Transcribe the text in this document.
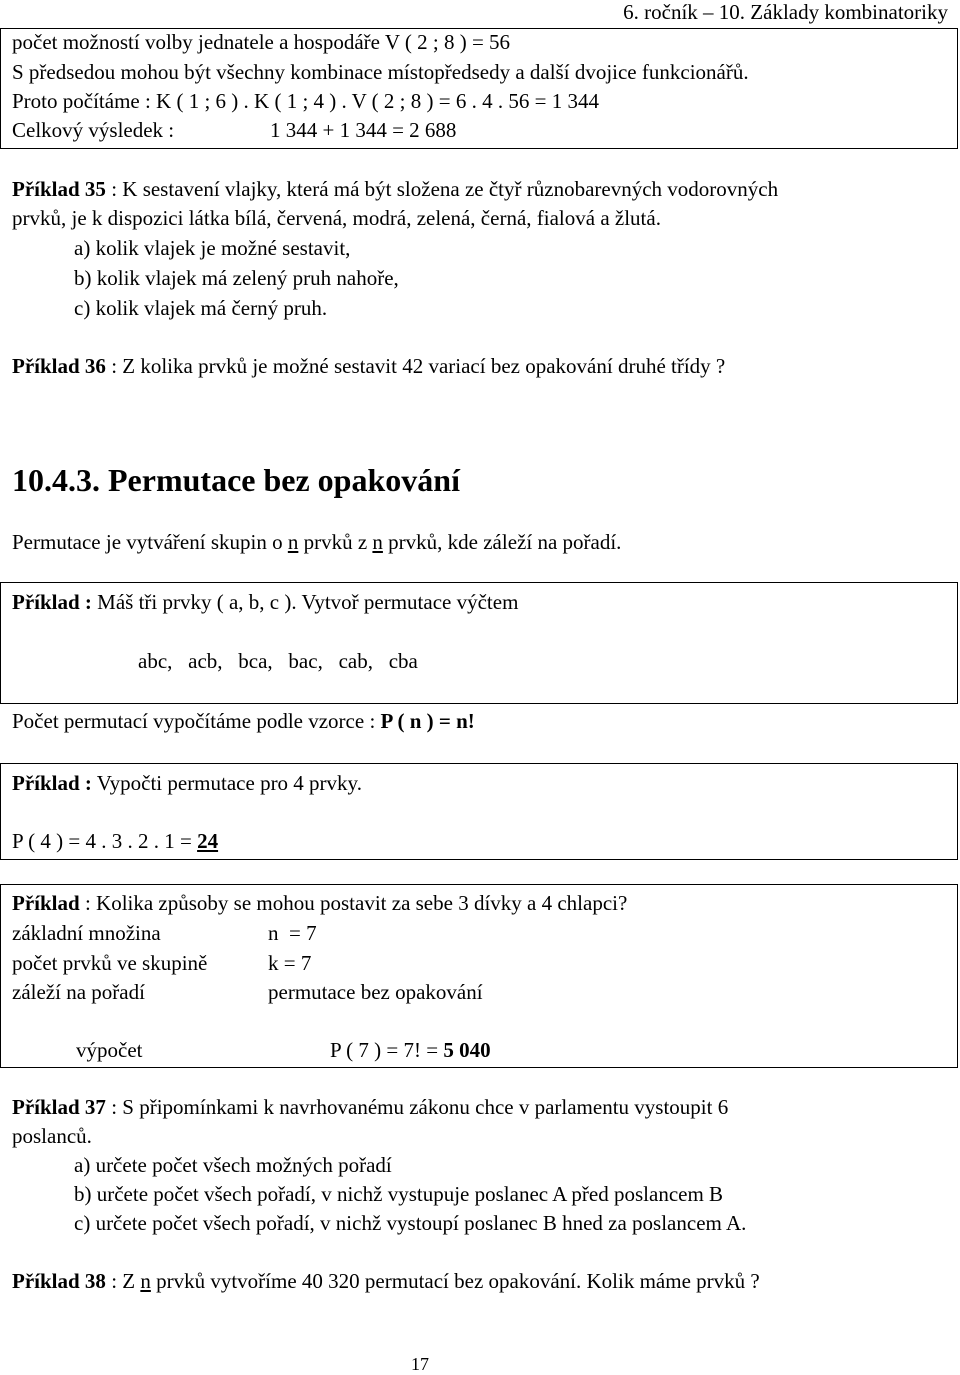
6. ročník – 10. Základy kombinatoriky
počet možností volby jednatele a hospodáře V ( 2 ; 8 ) = 56
S předsedou mohou být všechny kombinace místopředsedy a další dvojice funkcionářů.
Proto počítáme : K ( 1 ; 6 ) . K ( 1 ; 4 ) . V ( 2 ; 8 ) = 6 . 4 . 56 = 1 344
Celkový výsledek :	1 344 + 1 344 = 2 688
Příklad 35 : K sestavení vlajky, která má být složena ze čtyř různobarevných vodorovných
prvků, je k dispozici látka bílá, červená, modrá, zelená, černá, fialová a žlutá.
a) kolik vlajek je možné sestavit,
b) kolik vlajek má zelený pruh nahoře,
c) kolik vlajek má černý pruh.
Příklad 36 : Z kolika prvků je možné sestavit 42 variací bez opakování druhé třídy ?
10.4.3. Permutace bez opakování
Permutace je vytváření skupin o n prvků z n prvků, kde záleží na pořadí.
Příklad : Máš tři prvky ( a, b, c ). Vytvoř permutace výčtem
abc,   acb,   bca,   bac,   cab,   cba
Počet permutací vypočítáme podle vzorce : P ( n ) = n!
Příklad : Vypočti permutace pro 4 prvky.
P ( 4 ) = 4 . 3 . 2 . 1 = 24
Příklad : Kolika způsoby se mohou postavit za sebe 3 dívky a 4 chlapci?
základní množina	n  = 7
počet prvků ve skupině	k = 7
záleží na pořadí	permutace bez opakování
výpočet	P ( 7 ) = 7! = 5 040
Příklad 37 : S připomínkami k navrhovanému zákonu chce v parlamentu vystoupit 6
poslanců.
a) určete počet všech možných pořadí
b) určete počet všech pořadí, v nichž vystupuje poslanec A před poslancem B
c) určete počet všech pořadí, v nichž vystoupí poslanec B hned za poslancem A.
Příklad 38 : Z n prvků vytvoříme 40 320 permutací bez opakování. Kolik máme prvků ?
17
